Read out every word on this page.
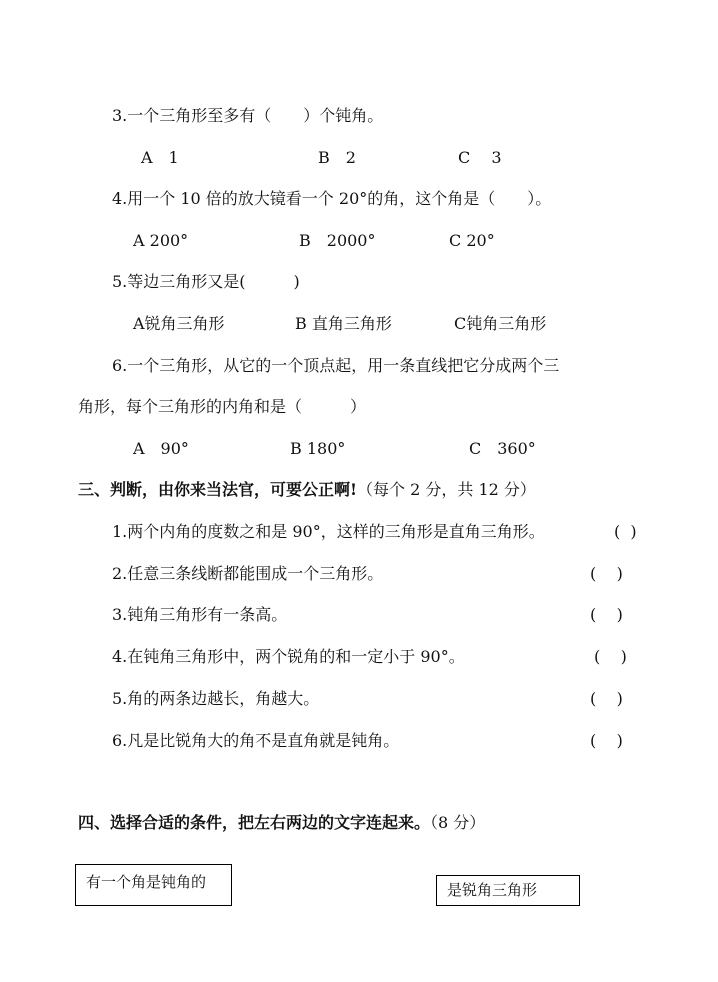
3.一个三角形至多有（　　）个钝角。
A　1	B　2	C　 3
4.用一个 10 倍的放大镜看一个 20°的角，这个角是（　　）。
A 200°	B　2000°	C 20°
5.等边三角形又是(　　　)
A锐角三角形	B 直角三角形	C钝角三角形
6.一个三角形，从它的一个顶点起，用一条直线把它分成两个三
角形，每个三角形的内角和是（　　　）
A　90°	B 180°	C　360°
三、判断，由你来当法官，可要公正啊!（每个 2 分，共 12 分）
1.两个内角的度数之和是 90°，这样的三角形是直角三角形。	(  )
2.任意三条线断都能围成一个三角形。	(    )
3.钝角三角形有一条高。	(    )
4.在钝角三角形中，两个锐角的和一定小于 90°。	(    )
5.角的两条边越长，角越大。	(    )
6.凡是比锐角大的角不是直角就是钝角。	(    )
四、选择合适的条件，把左右两边的文字连起来。（8 分）
有一个角是钝角的	是锐角三角形
